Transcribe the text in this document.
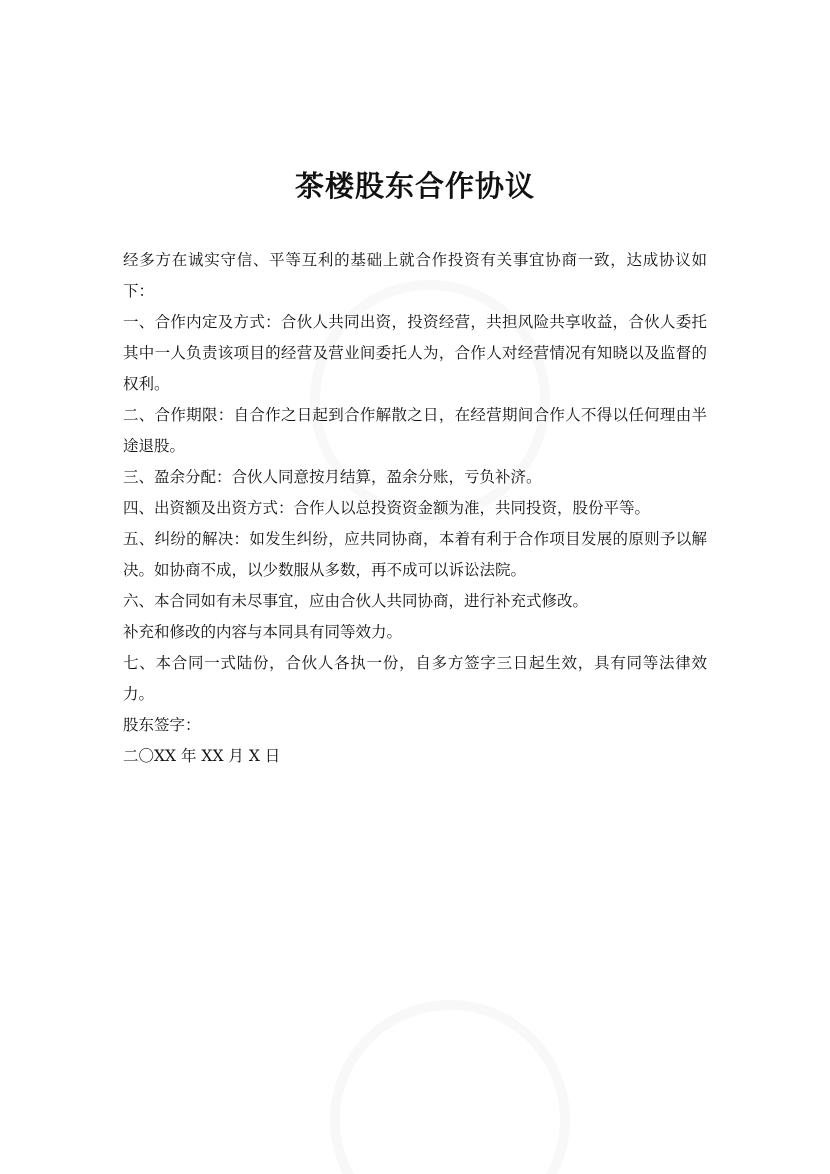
茶楼股东合作协议

经多方在诚实守信、平等互利的基础上就合作投资有关事宜协商一致，达成协议如下：

一、合作内定及方式：合伙人共同出资，投资经营，共担风险共享收益，合伙人委托其中一人负责该项目的经营及营业间委托人为，合作人对经营情况有知晓以及监督的权利。

二、合作期限：自合作之日起到合作解散之日，在经营期间合作人不得以任何理由半途退股。

三、盈余分配：合伙人同意按月结算，盈余分账，亏负补济。

四、出资额及出资方式：合作人以总投资资金额为准，共同投资，股份平等。

五、纠纷的解决：如发生纠纷，应共同协商，本着有利于合作项目发展的原则予以解决。如协商不成，以少数服从多数，再不成可以诉讼法院。

六、本合同如有未尽事宜，应由合伙人共同协商，进行补充式修改。

补充和修改的内容与本同具有同等效力。

七、本合同一式陆份，合伙人各执一份，自多方签字三日起生效，具有同等法律效力。

股东签字：

二〇XX 年 XX 月 X 日
